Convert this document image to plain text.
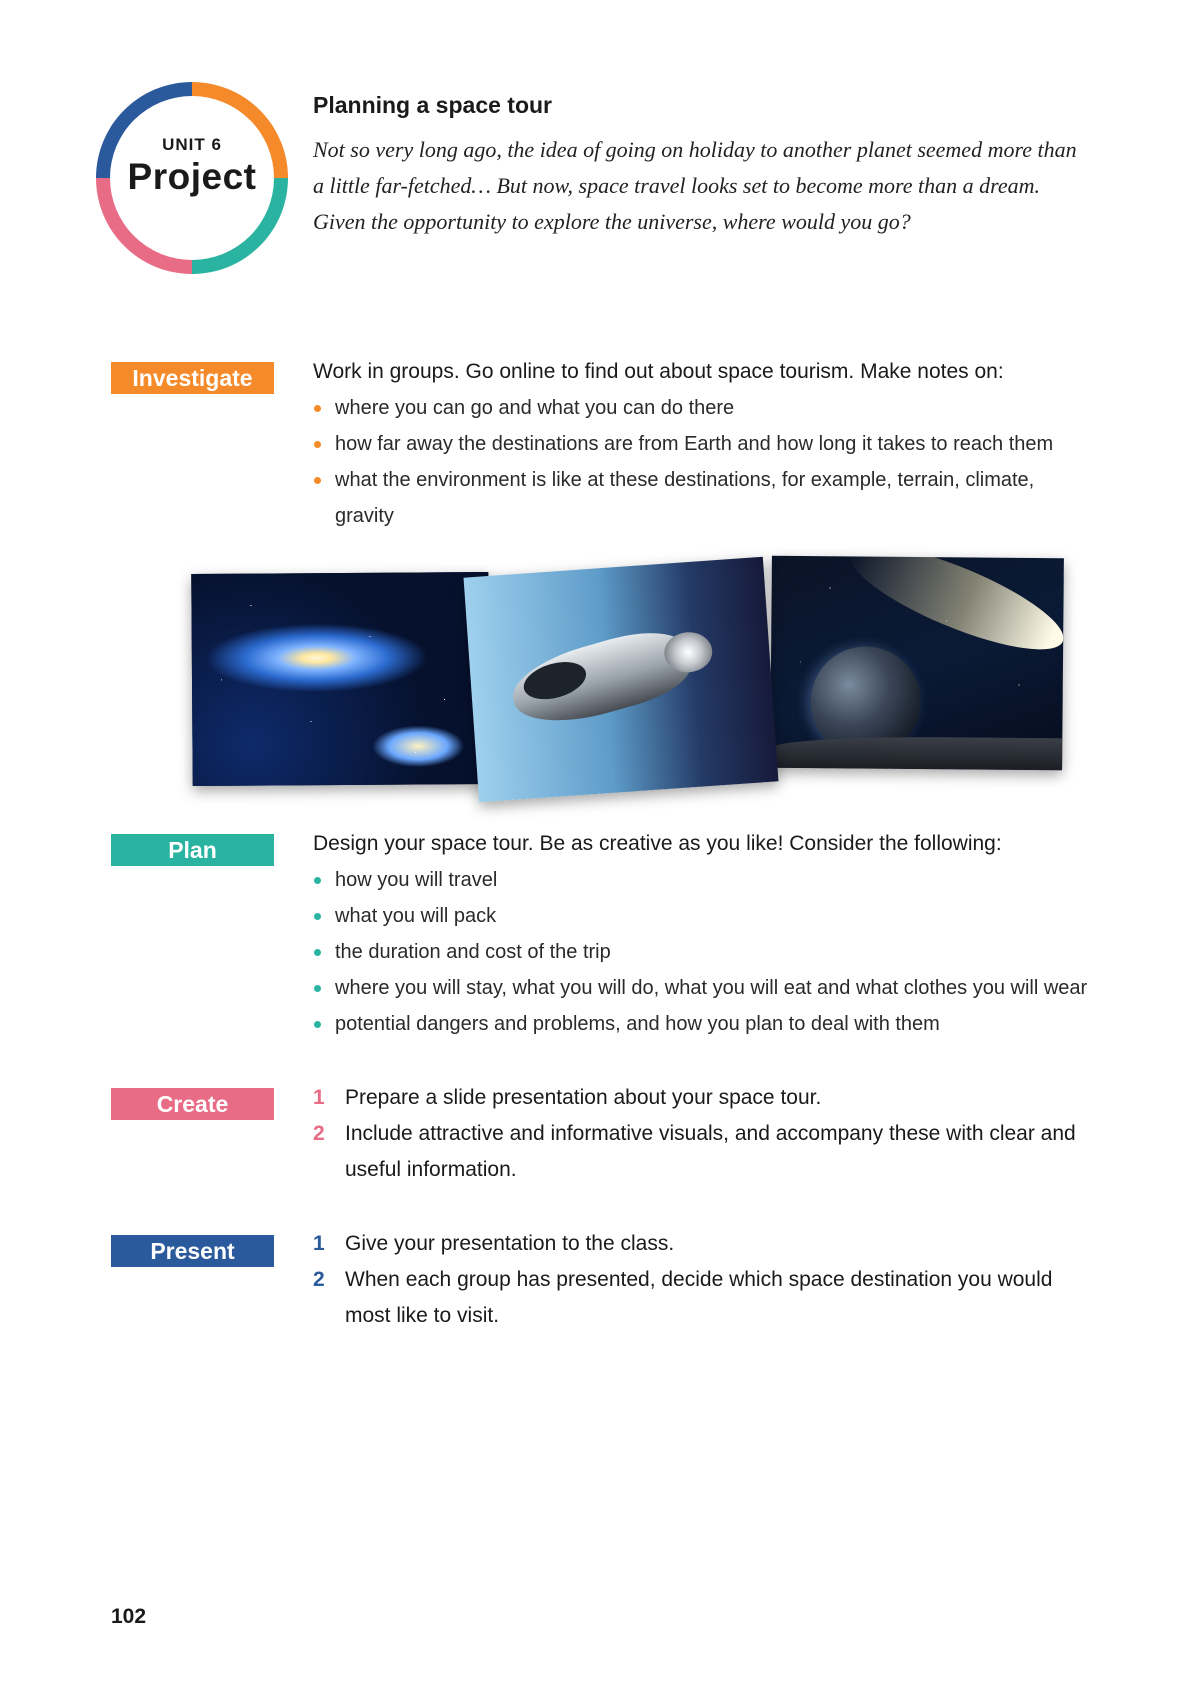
UNIT 6
Project
Planning a space tour
Not so very long ago, the idea of going on holiday to another planet seemed more than a little far-fetched… But now, space travel looks set to become more than a dream. Given the opportunity to explore the universe, where would you go?
Investigate	Work in groups. Go online to find out about space tourism. Make notes on:
where you can go and what you can do there
how far away the destinations are from Earth and how long it takes to reach them
what the environment is like at these destinations, for example, terrain, climate, gravity
Plan	Design your space tour. Be as creative as you like! Consider the following:
how you will travel
what you will pack
the duration and cost of the trip
where you will stay, what you will do, what you will eat and what clothes you will wear
potential dangers and problems, and how you plan to deal with them
Create	1 Prepare a slide presentation about your space tour.
2 Include attractive and informative visuals, and accompany these with clear and useful information.
Present	1 Give your presentation to the class.
2 When each group has presented, decide which space destination you would most like to visit.
102
